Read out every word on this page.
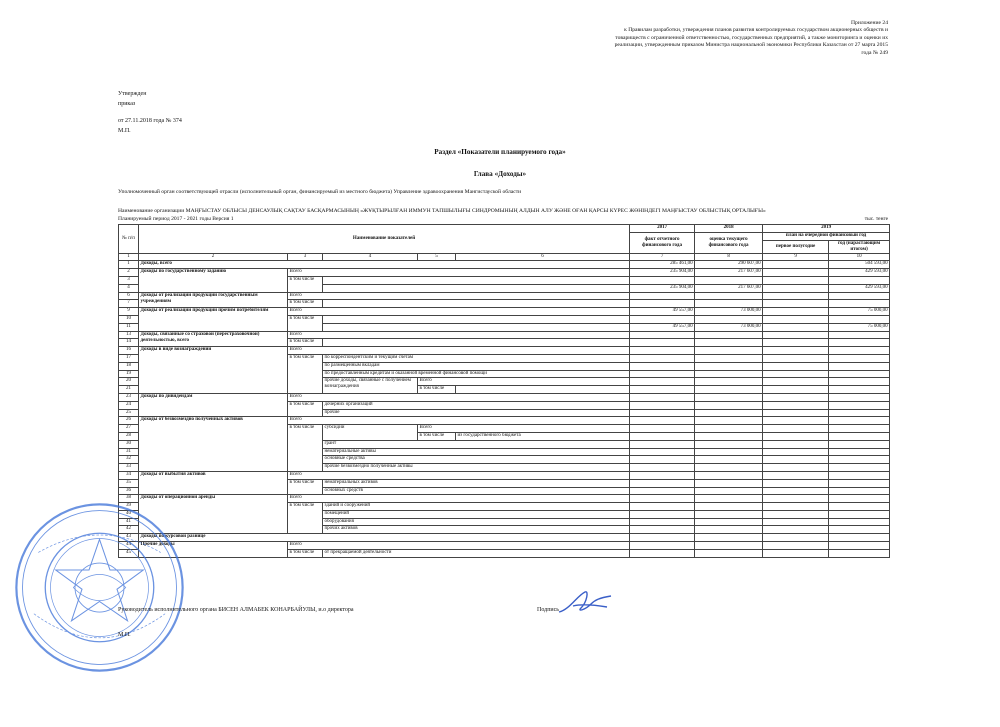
Приложение 24
к Правилам разработки, утверждения планов развития контролируемых государством акционерных обществ и
товариществ с ограниченной ответственностью, государственных предприятий, а также мониторинга и оценки их
реализации, утвержденным приказом Министра национальной экономики Республики Казахстан от 27 марта 2015
года № 249
Утвержден
приказ
от 27.11.2018 года № 374
М.П.
Раздел «Показатели планируемого года»
Глава «Доходы»
Уполномоченный орган соответствующей отрасли (исполнительный орган, финансируемый из местного бюджета) Управление здравоохранения Мангистауской области
Наименование организации МАҢҒЫСТАУ ОБЛЫСЫ ДЕНСАУЛЫҚ САҚТАУ БАСҚАРМАСЫНЫҢ «ЖҰҚТЫРЫЛҒАН ИММУН ТАПШЫЛЫҒЫ СИНДРОМЫНЫҢ АЛДЫН АЛУ ЖӘНЕ ОҒАН ҚАРСЫ КҮРЕС ЖӨНІНДЕГІ МАҢҒЫСТАУ ОБЛЫСТЫҚ ОРТАЛЫҒЫ»
Планируемый период 2017 - 2021 годы Версия 1	тыс. тенге
№ п/п	Наименование показателей					2017	2018	2019	
						факт отчетного финансового года	оценка текущего финансового года	план на очередной финансовый год	
								первое полугодие	год (нарастающим итогом)
1	2	3	4	5	6	7	8	9	10
1	Доходы, всего					285 461,00	290 607,00		504 593,00
2	Доходы по государственному заданию	Всего				235 904,00	217 607,00		429 593,00
3		в том числе							
4						235 904,00	217 607,00		429 593,00
6	Доходы от реализации продукции государственным учреждениям	Всего							
7		в том числе							
9	Доходы от реализации продукции прочим потребителям	Всего				49 557,00	73 000,00		75 000,00
10		в том числе							
11						49 557,00	73 000,00		75 000,00
13	Доходы, связанные со страховой (перестраховочной) деятельностью, всего	Всего							
14		в том числе							
16	Доходы в виде вознаграждений	Всего							
17		в том числе	по корреспондентским и текущим счетам						
18			по размещенным вкладам						
19			по предоставленным кредитам и оказанной временной финансовой помощи						
20			прочие доходы, связанные с получением вознаграждения	Всего					
21				в том числе					
23	Доходы по дивидендам	Всего							
24		в том числе	дочерних организаций						
25			прочие						
26	Доходы от безвозмездно полученных активов	Всего							
27		в том числе	субсидии	Всего					
28				в том числе	из государственного бюджета				
30			грант						
31			нематериальные активы						
32			основные средства						
33			прочие безвозмездно полученные активы						
34	Доходы от выбытия активов	Всего							
35		в том числе	нематериальных активов						
36			основных средств						
38	Доходы от операционной аренды	Всего							
39		в том числе	зданий и сооружений						
40			помещений						
41			оборудования						
42			прочих активов						
43	Доходы по курсовой разнице								
44	Прочие доходы	Всего							
45		в том числе	от прекращаемой деятельности						
Руководитель исполнительного органа БИСЕН АЛМАБЕК КОНАРБАЙУЛЫ, и.о директора	Подпись
М.П.
